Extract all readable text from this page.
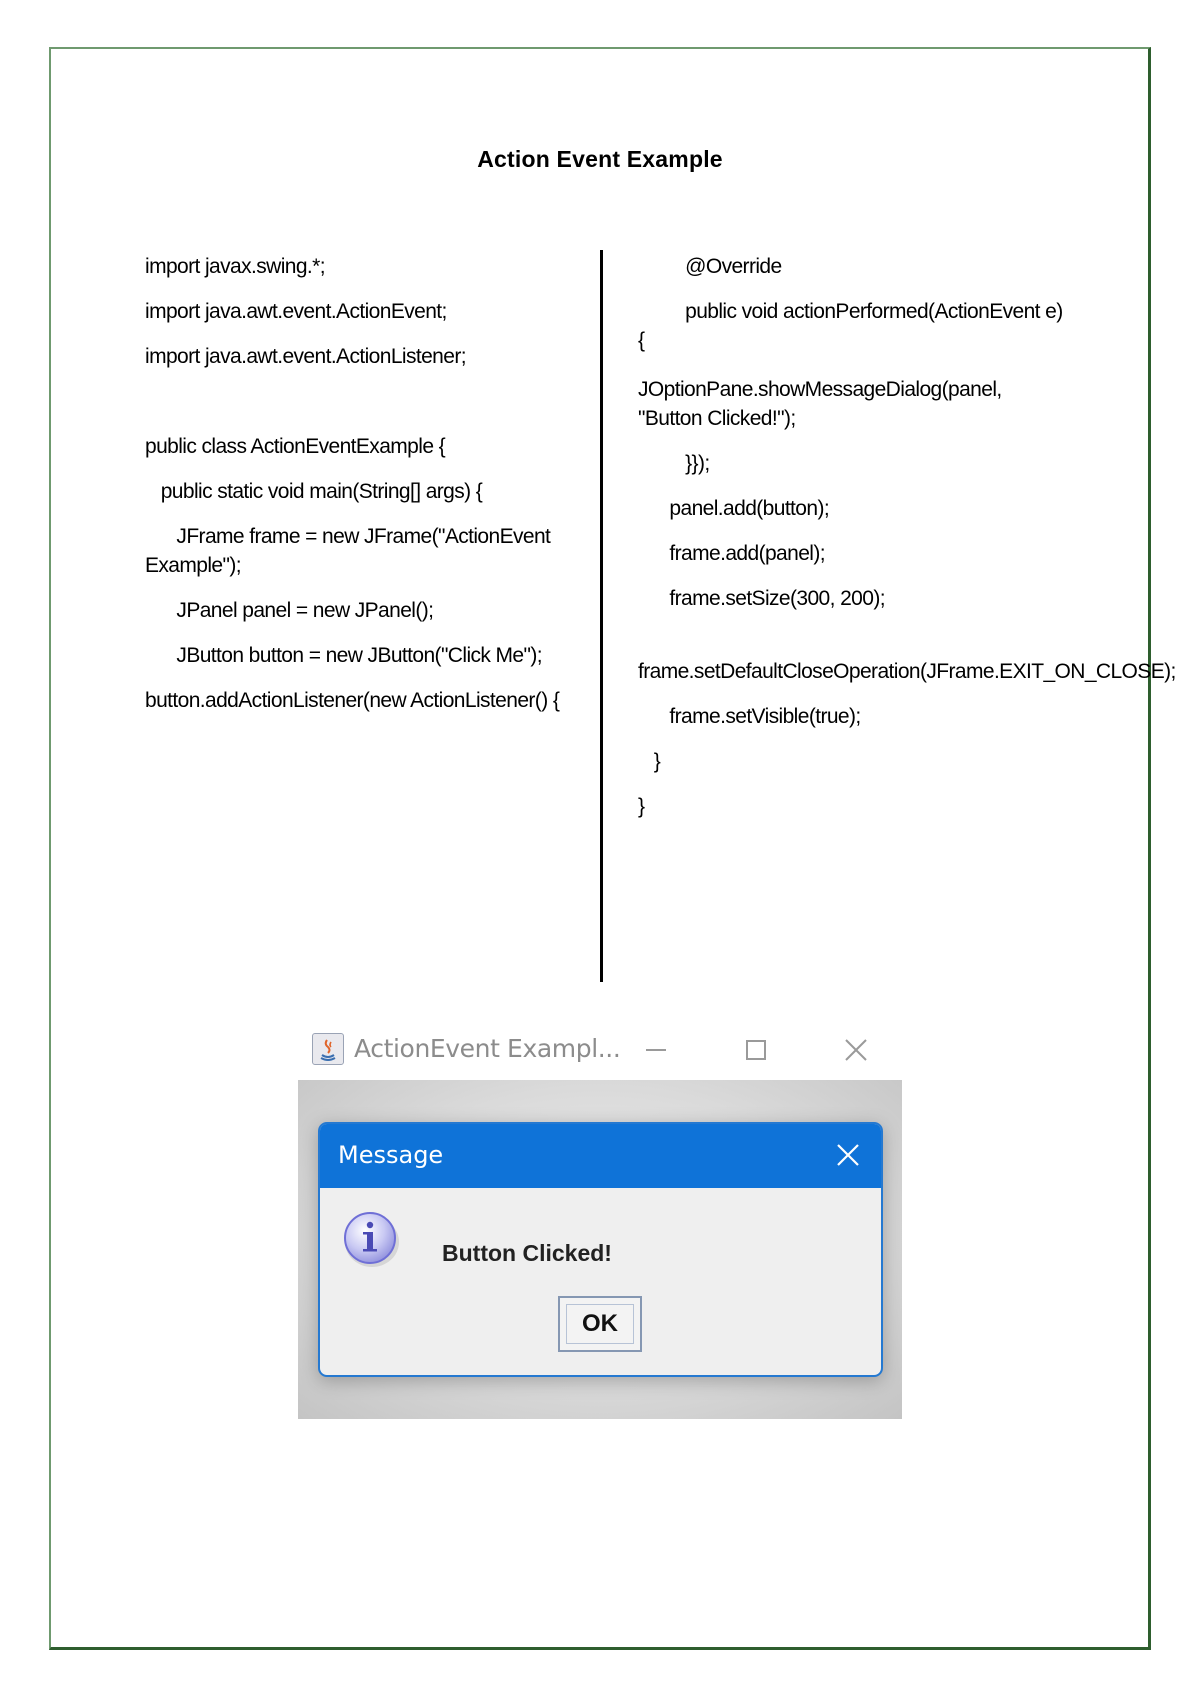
Action Event Example

import javax.swing.*;

import java.awt.event.ActionEvent;

import java.awt.event.ActionListener;

public class ActionEventExample {

public static void main(String[] args) {

JFrame frame = new JFrame("ActionEvent Example");

JPanel panel = new JPanel();

JButton button = new JButton("Click Me");

button.addActionListener(new ActionListener() {

@Override

public void actionPerformed(ActionEvent e) {

JOptionPane.showMessageDialog(panel, "Button Clicked!");

}});

panel.add(button);

frame.add(panel);

frame.setSize(300, 200);

frame.setDefaultCloseOperation(JFrame.EXIT_ON_CLOSE);

frame.setVisible(true);

}

}

ActionEvent Exampl...
Message
Button Clicked!
OK
